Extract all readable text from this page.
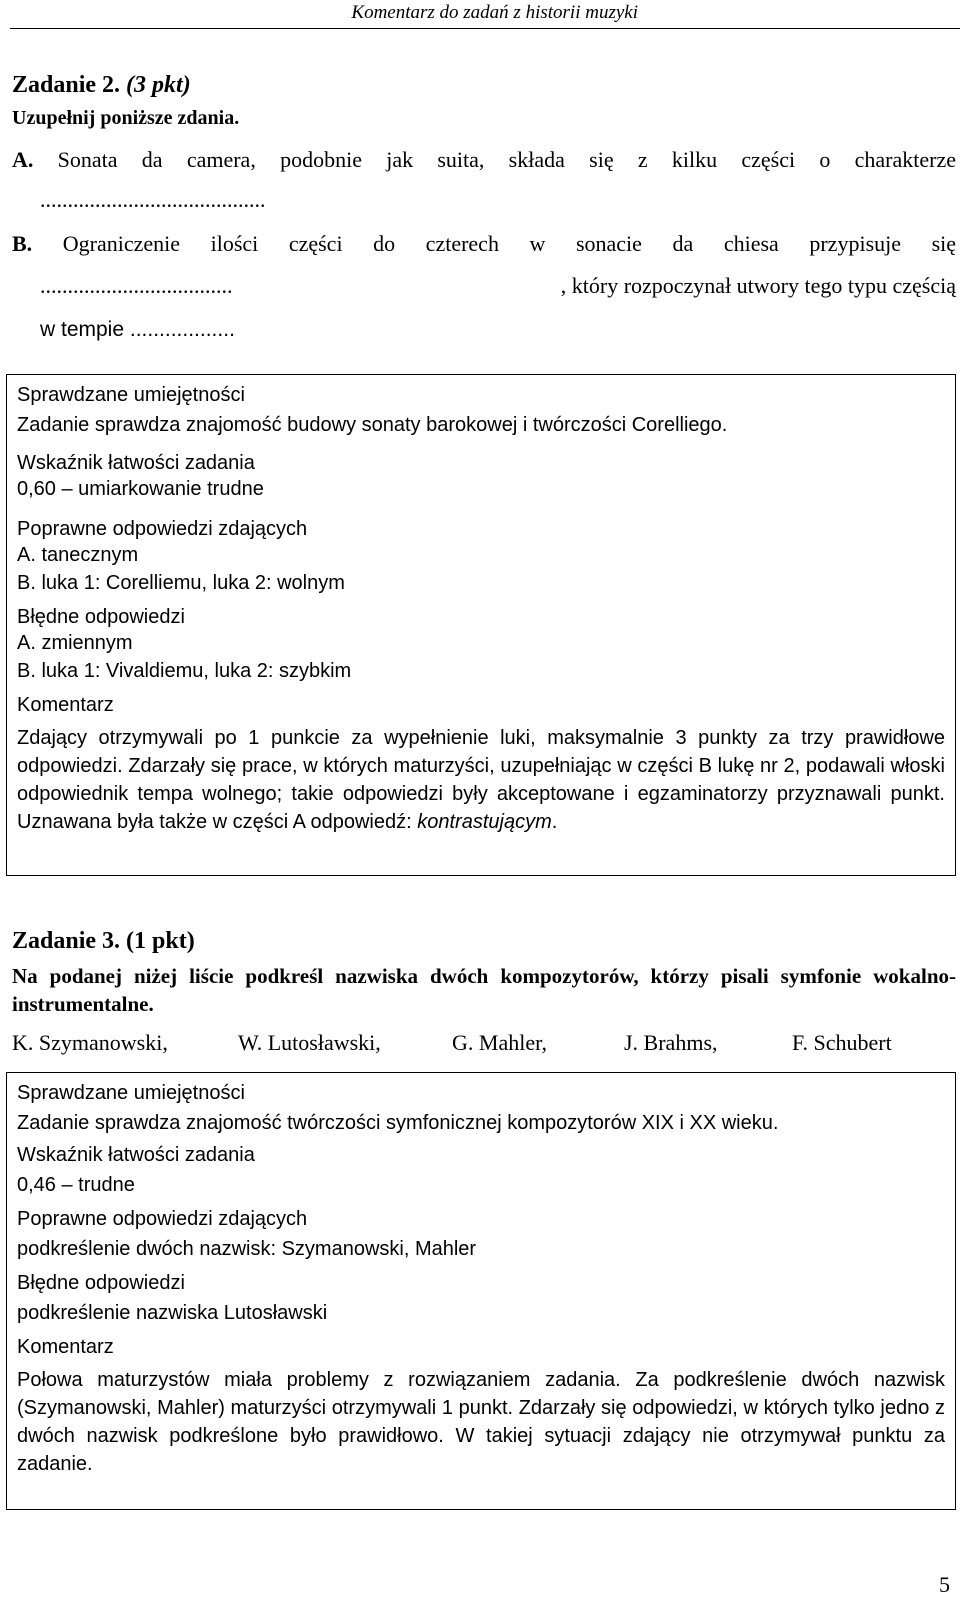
Komentarz do zadań z historii muzyki
Zadanie 2. (3 pkt)
Uzupełnij poniższe zdania.
A. Sonata da camera, podobnie jak suita, składa się z kilku części o charakterze
.........................................
B. Ograniczenie ilości części do czterech w sonacie da chiesa przypisuje się
...................................	, który rozpoczynał utwory tego typu częścią
w tempie ..................
Sprawdzane umiejętności
Zadanie sprawdza znajomość budowy sonaty barokowej i twórczości Corelliego.
Wskaźnik łatwości zadania
0,60 – umiarkowanie trudne
Poprawne odpowiedzi zdających
A. tanecznym
B. luka 1: Corelliemu, luka 2: wolnym
Błędne odpowiedzi
A. zmiennym
B. luka 1: Vivaldiemu, luka 2: szybkim
Komentarz
Zdający otrzymywali po 1 punkcie za wypełnienie luki, maksymalnie 3 punkty za trzy prawidłowe odpowiedzi. Zdarzały się prace, w których maturzyści, uzupełniając w części B lukę nr 2, podawali włoski odpowiednik tempa wolnego; takie odpowiedzi były akceptowane i egzaminatorzy przyznawali punkt. Uznawana była także w części A odpowiedź: kontrastującym.
Zadanie 3. (1 pkt)
Na podanej niżej liście podkreśl nazwiska dwóch kompozytorów, którzy pisali symfonie wokalno-instrumentalne.
K. Szymanowski,	W. Lutosławski,	G. Mahler,	J. Brahms,	F. Schubert
Sprawdzane umiejętności
Zadanie sprawdza znajomość twórczości symfonicznej kompozytorów XIX i XX wieku.
Wskaźnik łatwości zadania
0,46 – trudne
Poprawne odpowiedzi zdających
podkreślenie dwóch nazwisk: Szymanowski, Mahler
Błędne odpowiedzi
podkreślenie nazwiska Lutosławski
Komentarz
Połowa maturzystów miała problemy z rozwiązaniem zadania. Za podkreślenie dwóch nazwisk (Szymanowski, Mahler) maturzyści otrzymywali 1 punkt. Zdarzały się odpowiedzi, w których tylko jedno z dwóch nazwisk podkreślone było prawidłowo. W takiej sytuacji zdający nie otrzymywał punktu za zadanie.
5
